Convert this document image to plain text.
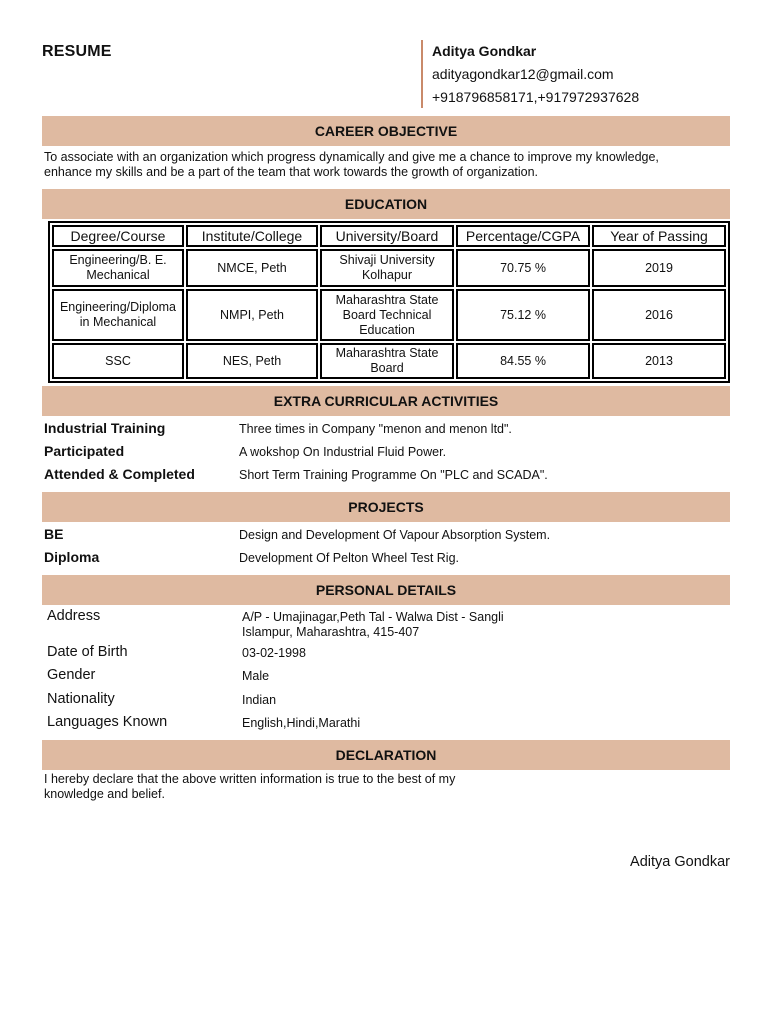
RESUME	Aditya Gondkar
adityagondkar12@gmail.com
+918796858171,+917972937628
CAREER OBJECTIVE
To associate with an organization which progress dynamically and give me a chance to improve my knowledge,
enhance my skills and be a part of the team that work towards the growth of organization.
EDUCATION
Degree/Course	Institute/College	University/Board	Percentage/CGPA	Year of Passing
Engineering/B. E. Mechanical	NMCE, Peth	Shivaji University Kolhapur	70.75 %	2019
Engineering/Diploma in Mechanical	NMPI, Peth	Maharashtra State Board Technical Education	75.12 %	2016
SSC	NES, Peth	Maharashtra State Board	84.55 %	2013
EXTRA CURRICULAR ACTIVITIES
Industrial Training	Three times in Company "menon and menon ltd".
Participated	A wokshop On Industrial Fluid Power.
Attended & Completed	Short Term Training Programme On "PLC and SCADA".
PROJECTS
BE	Design and Development Of Vapour Absorption System.
Diploma	Development Of Pelton Wheel Test Rig.
PERSONAL DETAILS
Address	A/P - Umajinagar,Peth Tal - Walwa Dist - Sangli
Islampur, Maharashtra, 415-407
Date of Birth	03-02-1998
Gender	Male
Nationality	Indian
Languages Known	English,Hindi,Marathi
DECLARATION
I hereby declare that the above written information is true to the best of my
knowledge and belief.
Aditya Gondkar
